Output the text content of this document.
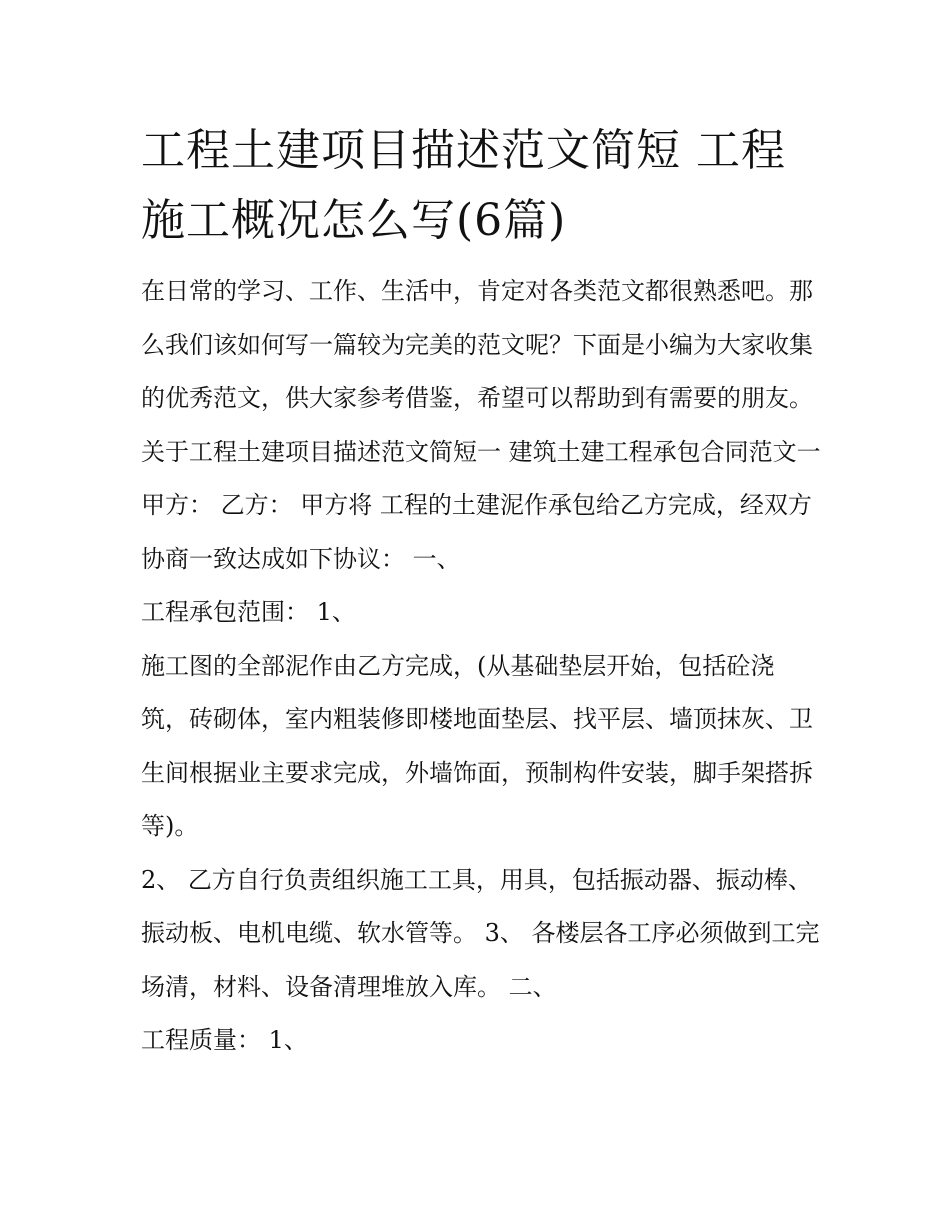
工程土建项目描述范文简短 工程施工概况怎么写(6篇)

在日常的学习、工作、生活中，肯定对各类范文都很熟悉吧。那么我们该如何写一篇较为完美的范文呢？下面是小编为大家收集的优秀范文，供大家参考借鉴，希望可以帮助到有需要的朋友。

关于工程土建项目描述范文简短一 建筑土建工程承包合同范文一 甲方： 乙方： 甲方将 工程的土建泥作承包给乙方完成，经双方协商一致达成如下协议： 一、

工程承包范围： 1、

施工图的全部泥作由乙方完成，(从基础垫层开始，包括砼浇筑，砖砌体，室内粗装修即楼地面垫层、找平层、墙顶抹灰、卫生间根据业主要求完成，外墙饰面，预制构件安装，脚手架搭拆等)。

2、 乙方自行负责组织施工工具，用具，包括振动器、振动棒、振动板、电机电缆、软水管等。 3、 各楼层各工序必须做到工完场清，材料、设备清理堆放入库。 二、

工程质量： 1、
